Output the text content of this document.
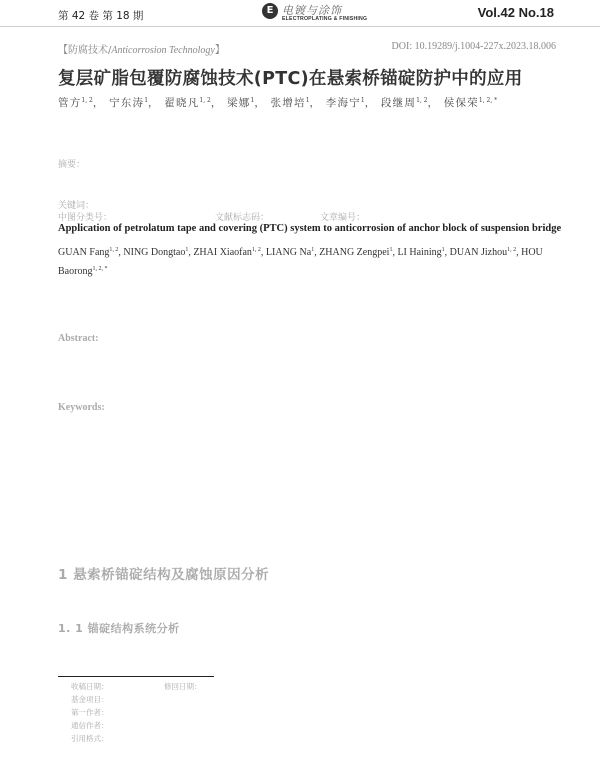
第 42 卷 第 18 期	E 电镀与涂饰
ELECTROPLATING & FINISHING	Vol.42 No.18
【防腐技术/Anticorrosion Technology】	DOI: 10.19289/j.1004-227x.2023.18.006
复层矿脂包覆防腐蚀技术(PTC)在悬索桥锚碇防护中的应用
管方$^{1, 2}$， 宁东涛$^1$， 翟晓凡$^{1, 2}$， 梁娜$^1$， 张增培$^1$， 李海宁$^1$， 段继周$^{1, 2}$， 侯保荣$^{1, 2, *}$
摘要：
关键词：
中图分类号：	文献标志码：	文章编号：
Application of petrolatum tape and covering (PTC) system to anticorrosion of anchor block of suspension bridge
GUAN Fang$^{1, 2}$, NING Dongtao$^1$, ZHAI Xiaofan$^{1, 2}$, LIANG Na$^1$, ZHANG Zengpei$^1$, LI Haining$^1$, DUAN Jizhou$^{1, 2}$, HOU Baorong$^{1, 2, *}$
Abstract:
Keywords:
1 悬索桥锚碇结构及腐蚀原因分析
1. 1 锚碇结构系统分析
收稿日期：	修回日期：
基金项目：
第一作者：
通信作者：
引用格式：
